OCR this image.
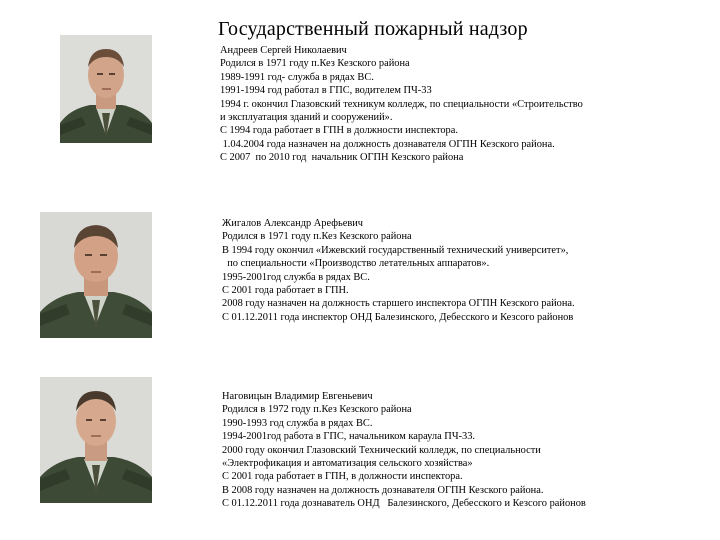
Государственный пожарный надзор
Андреев Сергей Николаевич
Родился в 1971 году п.Кез Кезского района
1989-1991 год- служба в рядах ВС.
1991-1994 год работал в ГПС, водителем ПЧ-33
1994 г. окончил Глазовский техникум колледж, по специальности «Строительство
и эксплуатация зданий и сооружений».
С 1994 года работает в ГПН в должности инспектора.
1.04.2004 года назначен на должность дознавателя ОГПН Кезского района.
С 2007  по 2010 год  начальник ОГПН Кезского района
Жигалов Александр Арефьевич
Родился в 1971 году п.Кез Кезского района
В 1994 году окончил «Ижевский государственный технический университет»,
по специальности «Производство летательных аппаратов».
1995-2001год служба в рядах ВС.
С 2001 года работает в ГПН.
2008 году назначен на должность старшего инспектора ОГПН Кезского района.
С 01.12.2011 года инспектор ОНД Балезинского, Дебесского и Кезсого районов
Наговицын Владимир Евгеньевич
Родился в 1972 году п.Кез Кезского района
1990-1993 год служба в рядах ВС.
1994-2001год работа в ГПС, начальником караула ПЧ-33.
2000 году окончил Глазовский Технический колледж, по специальности
«Электрофикация и автоматизация сельского хозяйства»
С 2001 года работает в ГПН, в должности инспектора.
В 2008 году назначен на должность дознавателя ОГПН Кезского района.
С 01.12.2011 года дознаватель ОНД   Балезинского, Дебесского и Кезсого районов
